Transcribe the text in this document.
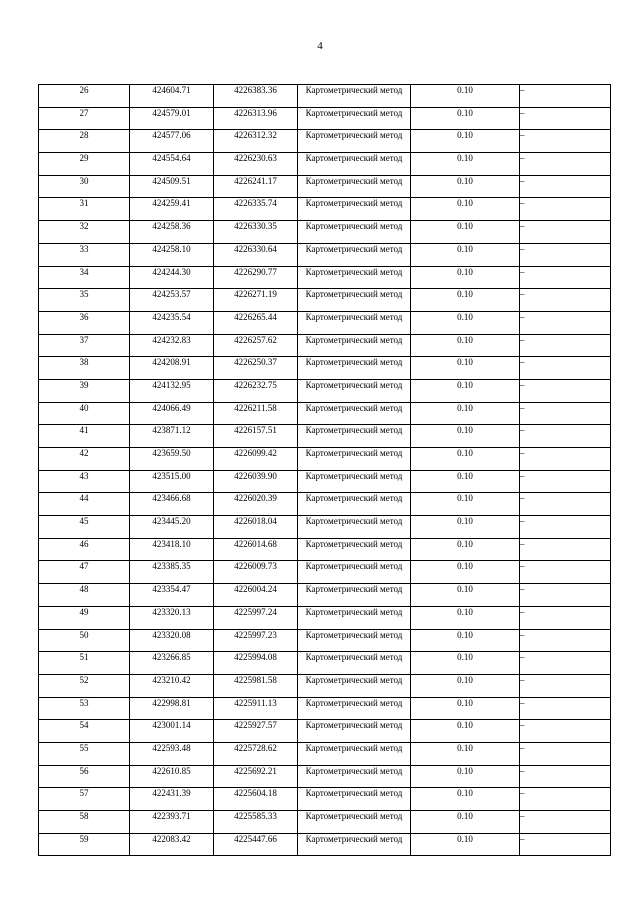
4
26	424604.71	4226383.36	Картометрический метод	0.10	–
27	424579.01	4226313.96	Картометрический метод	0.10	–
28	424577.06	4226312.32	Картометрический метод	0.10	–
29	424554.64	4226230.63	Картометрический метод	0.10	–
30	424509.51	4226241.17	Картометрический метод	0.10	–
31	424259.41	4226335.74	Картометрический метод	0.10	–
32	424258.36	4226330.35	Картометрический метод	0.10	–
33	424258.10	4226330.64	Картометрический метод	0.10	–
34	424244.30	4226290.77	Картометрический метод	0.10	–
35	424253.57	4226271.19	Картометрический метод	0.10	–
36	424235.54	4226265.44	Картометрический метод	0.10	–
37	424232.83	4226257.62	Картометрический метод	0.10	–
38	424208.91	4226250.37	Картометрический метод	0.10	–
39	424132.95	4226232.75	Картометрический метод	0.10	–
40	424066.49	4226211.58	Картометрический метод	0.10	–
41	423871.12	4226157.51	Картометрический метод	0.10	–
42	423659.50	4226099.42	Картометрический метод	0.10	–
43	423515.00	4226039.90	Картометрический метод	0.10	–
44	423466.68	4226020.39	Картометрический метод	0.10	–
45	423445.20	4226018.04	Картометрический метод	0.10	–
46	423418.10	4226014.68	Картометрический метод	0.10	–
47	423385.35	4226009.73	Картометрический метод	0.10	–
48	423354.47	4226004.24	Картометрический метод	0.10	–
49	423320.13	4225997.24	Картометрический метод	0.10	–
50	423320.08	4225997.23	Картометрический метод	0.10	–
51	423266.85	4225994.08	Картометрический метод	0.10	–
52	423210.42	4225981.58	Картометрический метод	0.10	–
53	422998.81	4225911.13	Картометрический метод	0.10	–
54	423001.14	4225927.57	Картометрический метод	0.10	–
55	422593.48	4225728.62	Картометрический метод	0.10	–
56	422610.85	4225692.21	Картометрический метод	0.10	–
57	422431.39	4225604.18	Картометрический метод	0.10	–
58	422393.71	4225585.33	Картометрический метод	0.10	–
59	422083.42	4225447.66	Картометрический метод	0.10	–
